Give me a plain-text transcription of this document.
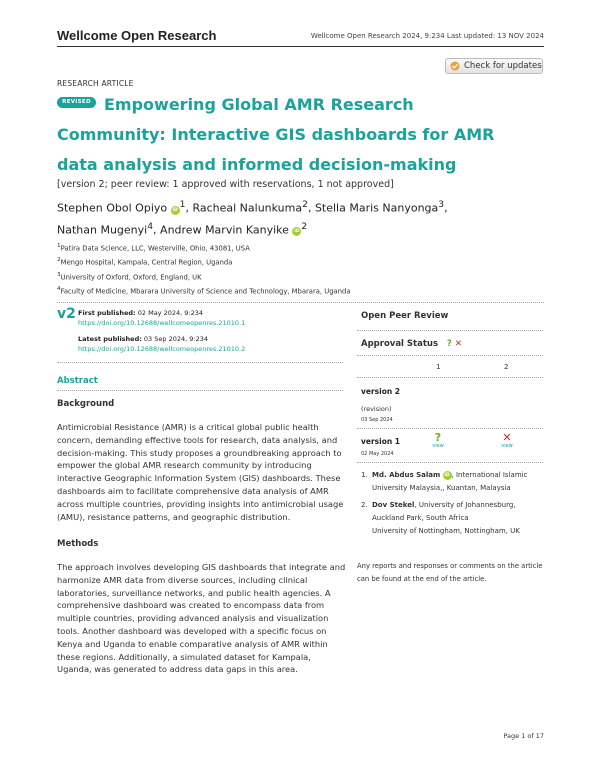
Wellcome Open Research	Wellcome Open Research 2024, 9:234 Last updated: 13 NOV 2024
RESEARCH ARTICLE
Check for updates
REVISED Empowering Global AMR Research Community: Interactive GIS dashboards for AMR data analysis and informed decision-making
[version 2; peer review: 1 approved with reservations, 1 not approved]
Stephen Obol Opiyo $iD^1$, Racheal Nalunkuma$^2$, Stella Maris Nanyonga$^3$,
Nathan Mugenyi$^4$, Andrew Marvin Kanyike $iD^2$
$^1$Patira Data Science, LLC, Westerville, Ohio, 43081, USA
$^2$Mengo Hospital, Kampala, Central Region, Uganda
$^3$University of Oxford, Oxford, England, UK
$^4$Faculty of Medicine, Mbarara University of Science and Technology, Mbarara, Uganda
v2 First published: 02 May 2024, 9:234
https://doi.org/10.12688/wellcomeopenres.21010.1
Latest published: 03 Sep 2024, 9:234
https://doi.org/10.12688/wellcomeopenres.21010.2
Abstract
Background

Antimicrobial Resistance (AMR) is a critical global public health concern, demanding effective tools for research, data analysis, and decision-making. This study proposes a groundbreaking approach to empower the global AMR research community by introducing interactive Geographic Information System (GIS) dashboards. These dashboards aim to facilitate comprehensive data analysis of AMR across multiple countries, providing insights into antimicrobial usage (AMU), resistance patterns, and geographic distribution.

Methods

The approach involves developing GIS dashboards that integrate and harmonize AMR data from diverse sources, including clinical laboratories, surveillance networks, and public health agencies. A comprehensive dashboard was created to encompass data from multiple countries, providing advanced analysis and visualization tools. Another dashboard was developed with a specific focus on Kenya and Uganda to enable comparative analysis of AMR within these regions. Additionally, a simulated dataset for Kampala, Uganda, was generated to address data gaps in this area.

Open Peer Review
Approval Status ? ✕
1	2
version 2
(revision)
03 Sep 2024
version 1
02 May 2024
?
view
✕
view
1. Md. Abdus Salam iD , International Islamic University Malaysia,, Kuantan, Malaysia
2. Dov Stekel, University of Johannesburg, Auckland Park, South Africa
University of Nottingham, Nottingham, UK
Any reports and responses or comments on the article can be found at the end of the article.
Page 1 of 17
